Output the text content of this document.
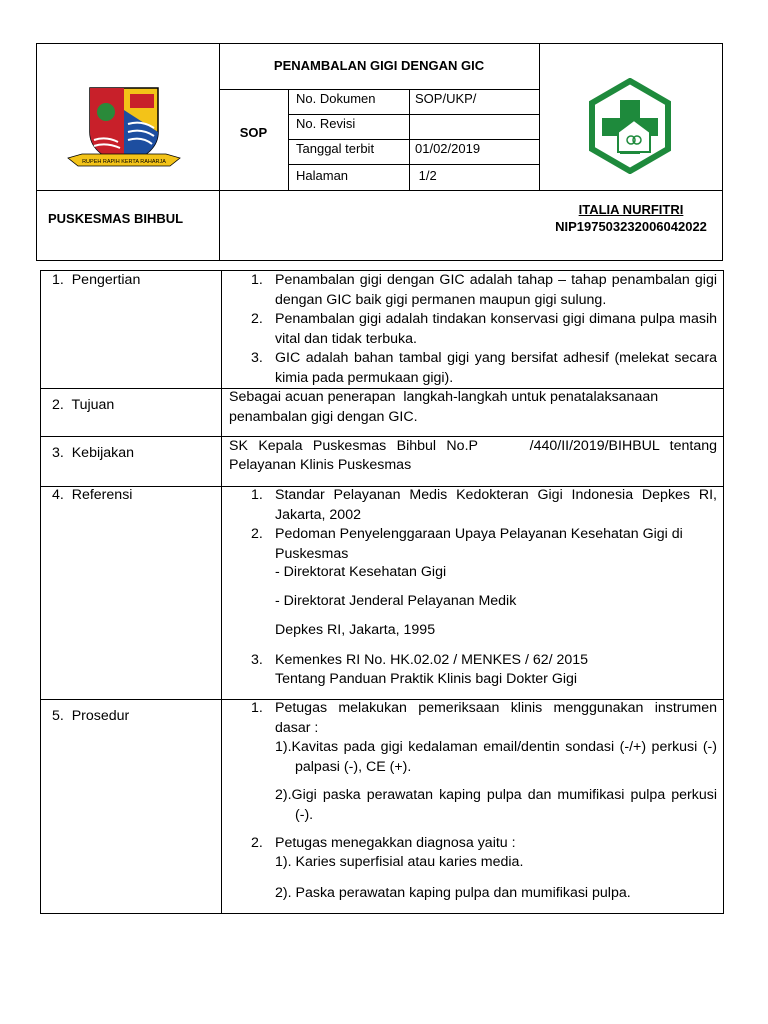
RUPEH RAPIH KERTA RAHARJA
PENAMBALAN GIGI DENGAN GIC
SOP
No. Dokumen	SOP/UKP/
No. Revisi
Tanggal terbit	01/02/2019
Halaman	1/2
PUSKESMAS BIHBUL
ITALIA NURFITRI
NIP197503232006042022
1.  Pengertian	1. Penambalan gigi dengan GIC adalah tahap – tahap penambalan gigi dengan GIC baik gigi permanen maupun gigi sulung.
2. Penambalan gigi adalah tindakan konservasi gigi dimana pulpa masih vital dan tidak terbuka.
3. GIC adalah bahan tambal gigi yang bersifat adhesif (melekat secara kimia pada permukaan gigi).
2.  Tujuan	Sebagai acuan penerapan  langkah-langkah untuk penatalaksanaan penambalan gigi dengan GIC.
3.  Kebijakan	SK Kepala Puskesmas Bihbul No.P     /440/II/2019/BIHBUL tentang
Pelayanan Klinis Puskesmas
4.  Referensi	1. Standar Pelayanan Medis Kedokteran Gigi Indonesia Depkes RI, Jakarta, 2002
2. Pedoman Penyelenggaraan Upaya Pelayanan Kesehatan Gigi di Puskesmas
- Direktorat Kesehatan Gigi
- Direktorat Jenderal Pelayanan Medik
Depkes RI, Jakarta, 1995
3. Kemenkes RI No. HK.02.02 / MENKES / 62/ 2015
Tentang Panduan Praktik Klinis bagi Dokter Gigi
5.  Prosedur	1. Petugas melakukan pemeriksaan klinis menggunakan instrumen dasar :
1).Kavitas pada gigi kedalaman email/dentin sondasi (-/+) perkusi (-) palpasi (-), CE (+).
2).Gigi paska perawatan kaping pulpa dan mumifikasi pulpa perkusi   (-).
2. Petugas menegakkan diagnosa yaitu :
1). Karies superfisial atau karies media.
2). Paska perawatan kaping pulpa dan mumifikasi pulpa.
